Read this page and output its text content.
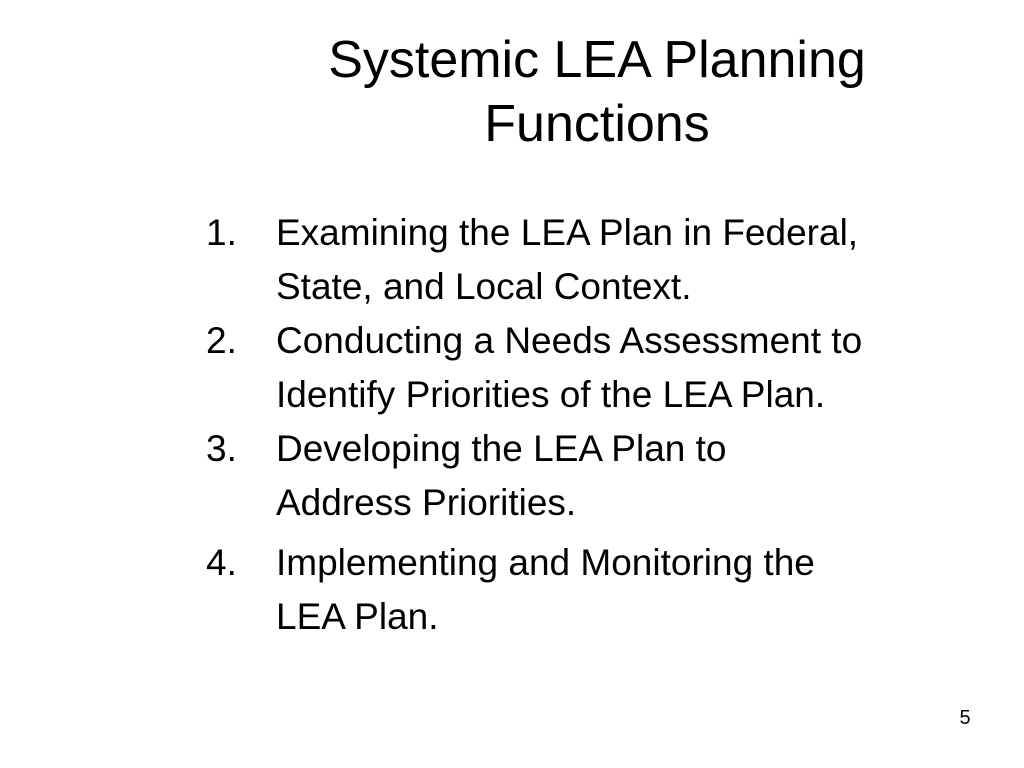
Systemic LEA Planning
Functions
1.	Examining the LEA Plan in Federal,
State, and Local Context.
2.	Conducting a Needs Assessment to
Identify Priorities of the LEA Plan.
3.	Developing the LEA Plan to
Address Priorities.
4.	Implementing and Monitoring the
LEA Plan.
5
